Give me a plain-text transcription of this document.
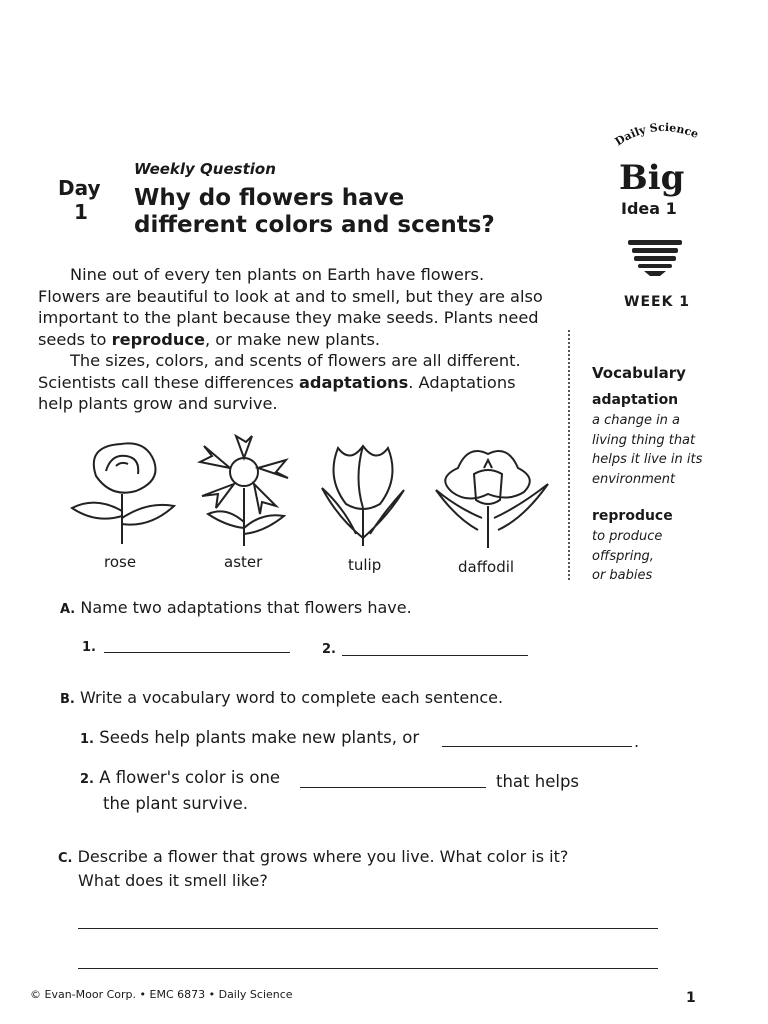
Weekly Question
Day
1
Why do flowers have
different colors and scents?
Daily Science
Big
Idea 1
WEEK 1

Nine out of every ten plants on Earth have flowers. Flowers are beautiful to look at and to smell, but they are also important to the plant because they make seeds. Plants need seeds to reproduce, or make new plants.

The sizes, colors, and scents of flowers are all different. Scientists call these differences adaptations. Adaptations help plants grow and survive.

rose	aster	tulip	daffodil
Vocabulary
adaptation
a change in a
living thing that
helps it live in its
environment
reproduce
to produce
offspring,
or babies
A. Name two adaptations that flowers have.
1.	2.
B. Write a vocabulary word to complete each sentence.
1. Seeds help plants make new plants, or	.
2. A flower's color is one	that helps
the plant survive.
C. Describe a flower that grows where you live. What color is it?
What does it smell like?
© Evan-Moor Corp. • EMC 6873 • Daily Science	1
